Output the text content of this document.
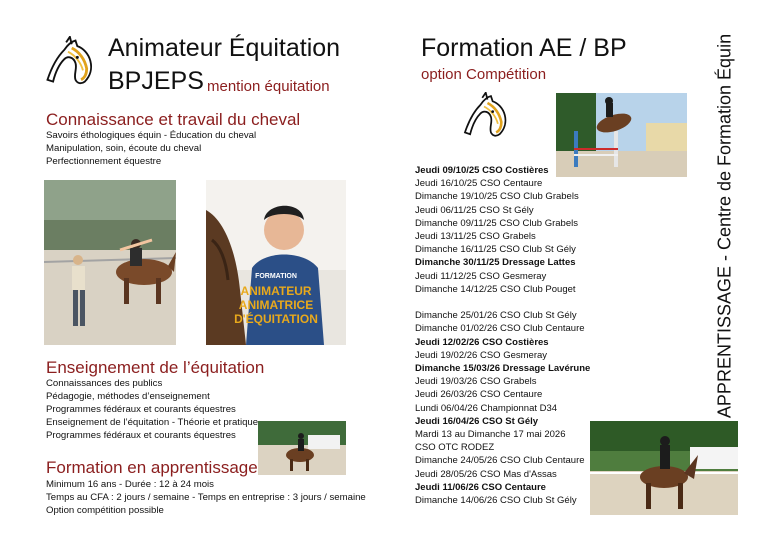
Animateur Équitation
BPJEPS mention équitation
Connaissance et travail du cheval
Savoirs éthologiques équin - Éducation du cheval
Manipulation, soin, écoute du cheval
Perfectionnement équestre
FORMATION
ANIMATEUR
ANIMATRICE
D'ÉQUITATION
Enseignement de l’équitation
Connaissances des publics
Pédagogie, méthodes d’enseignement
Programmes fédéraux et courants équestres
Enseignement de l’équitation - Théorie et pratique
Programmes fédéraux et courants équestres
Formation en apprentissage
Minimum 16 ans - Durée : 12 à 24 mois
Temps au CFA : 2 jours / semaine - Temps en entreprise : 3 jours / semaine
Option compétition possible
Formation AE / BP
option Compétition
Jeudi 09/10/25 CSO Costières
Jeudi 16/10/25 CSO Centaure
Dimanche 19/10/25 CSO Club Grabels
Jeudi 06/11/25 CSO St Gély
Dimanche 09/11/25 CSO Club Grabels
Jeudi 13/11/25 CSO Grabels
Dimanche 16/11/25 CSO Club St Gély
Dimanche 30/11/25 Dressage Lattes
Jeudi 11/12/25 CSO Gesmeray
Dimanche 14/12/25 CSO Club Pouget
Dimanche 25/01/26 CSO Club St Gély
Dimanche 01/02/26 CSO Club Centaure
Jeudi 12/02/26 CSO Costières
Jeudi 19/02/26 CSO Gesmeray
Dimanche 15/03/26 Dressage Lavérune
Jeudi 19/03/26 CSO Grabels
Jeudi 26/03/26 CSO Centaure
Lundi 06/04/26 Championnat D34
Jeudi 16/04/26 CSO St Gély
Mardi 13 au Dimanche 17 mai 2026
CSO OTC RODEZ
Dimanche 24/05/26 CSO Club Centaure
Jeudi 28/05/26 CSO Mas d'Assas
Jeudi 11/06/26 CSO Centaure
Dimanche 14/06/26 CSO Club St Gély
APPRENTISSAGE - Centre de Formation Équin
